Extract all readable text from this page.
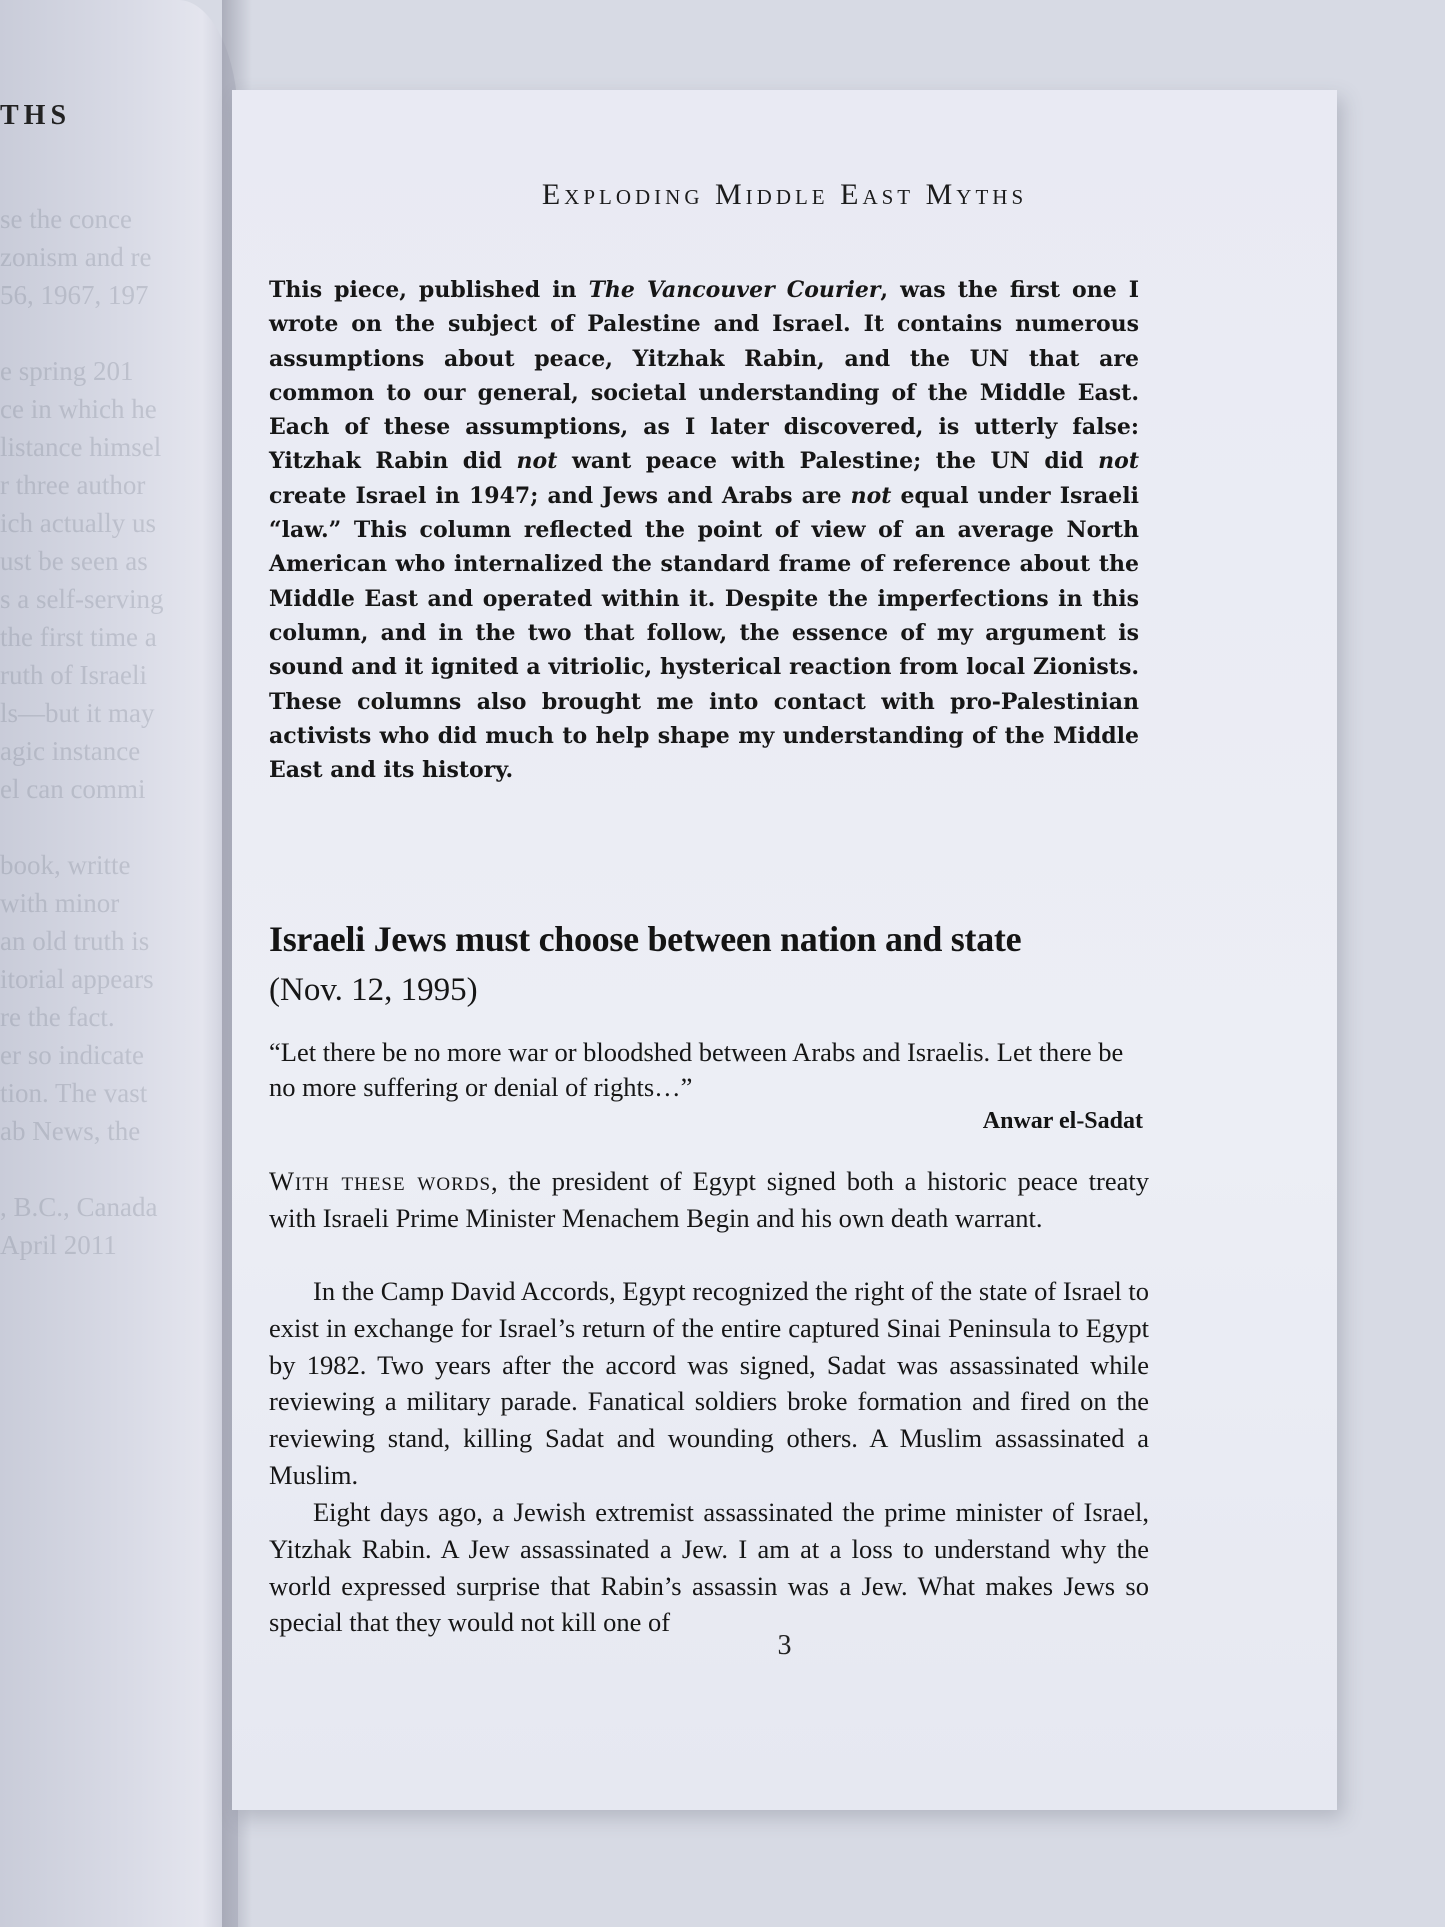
THS

se the conce
zonism and re
56, 1967, 197

e spring 201
ce in which he
listance himsel
r three author
ich actually us
ust be seen as
s a self-serving
the first time a
ruth of Israeli
ls—but it may
agic instance
el can commi

book, writte
with minor
an old truth is
itorial appears
re the fact.
er so indicate
tion. The vast
ab News, the

, B.C., Canada
April 2011

Exploding Middle East Myths

This piece, published in The Vancouver Courier, was the first one I wrote on the subject of Palestine and Israel. It contains numerous assumptions about peace, Yitzhak Rabin, and the UN that are common to our general, societal understanding of the Middle East. Each of these assumptions, as I later discovered, is utterly false: Yitzhak Rabin did not want peace with Palestine; the UN did not create Israel in 1947; and Jews and Arabs are not equal under Israeli “law.” This column reflected the point of view of an average North American who internalized the standard frame of reference about the Middle East and operated within it. Despite the imperfections in this column, and in the two that follow, the essence of my argument is sound and it ignited a vitriolic, hysterical reaction from local Zionists. These columns also brought me into contact with pro-Palestinian activists who did much to help shape my understanding of the Middle East and its history.

Israeli Jews must choose between nation and state

(Nov. 12, 1995)

“Let there be no more war or bloodshed between Arabs and Israelis. Let there be no more suffering or denial of rights…”

Anwar el-Sadat

With these words, the president of Egypt signed both a historic peace treaty with Israeli Prime Minister Menachem Begin and his own death warrant.

In the Camp David Accords, Egypt recognized the right of the state of Israel to exist in exchange for Israel’s return of the entire captured Sinai Peninsula to Egypt by 1982. Two years after the accord was signed, Sadat was assassinated while reviewing a military parade. Fanatical soldiers broke formation and fired on the reviewing stand, killing Sadat and wounding others. A Muslim assassinated a Muslim.

Eight days ago, a Jewish extremist assassinated the prime minister of Israel, Yitzhak Rabin. A Jew assassinated a Jew. I am at a loss to understand why the world expressed surprise that Rabin’s assassin was a Jew. What makes Jews so special that they would not kill one of

3
